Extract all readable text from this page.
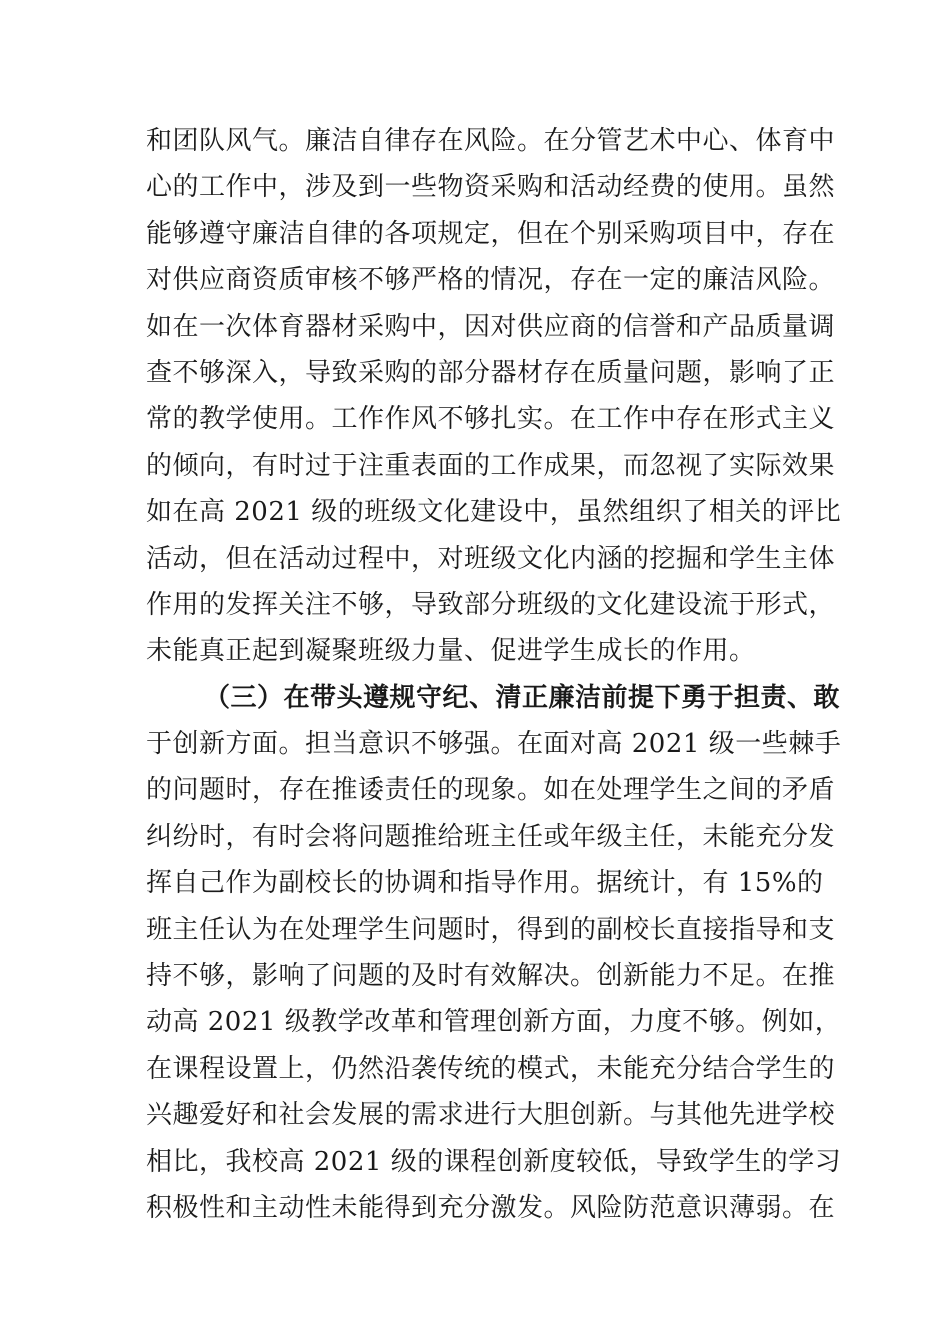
和团队风气。廉洁自律存在风险。在分管艺术中心、体育中
心的工作中，涉及到一些物资采购和活动经费的使用。虽然
能够遵守廉洁自律的各项规定，但在个别采购项目中，存在
对供应商资质审核不够严格的情况，存在一定的廉洁风险。
如在一次体育器材采购中，因对供应商的信誉和产品质量调
查不够深入，导致采购的部分器材存在质量问题，影响了正
常的教学使用。工作作风不够扎实。在工作中存在形式主义
的倾向，有时过于注重表面的工作成果，而忽视了实际效果
如在高 2021 级的班级文化建设中，虽然组织了相关的评比
活动，但在活动过程中，对班级文化内涵的挖掘和学生主体
作用的发挥关注不够，导致部分班级的文化建设流于形式，
未能真正起到凝聚班级力量、促进学生成长的作用。
（三）在带头遵规守纪、清正廉洁前提下勇于担责、敢
于创新方面。担当意识不够强。在面对高 2021 级一些棘手
的问题时，存在推诿责任的现象。如在处理学生之间的矛盾
纠纷时，有时会将问题推给班主任或年级主任，未能充分发
挥自己作为副校长的协调和指导作用。据统计，有 15%的
班主任认为在处理学生问题时，得到的副校长直接指导和支
持不够，影响了问题的及时有效解决。创新能力不足。在推
动高 2021 级教学改革和管理创新方面，力度不够。例如，
在课程设置上，仍然沿袭传统的模式，未能充分结合学生的
兴趣爱好和社会发展的需求进行大胆创新。与其他先进学校
相比，我校高 2021 级的课程创新度较低，导致学生的学习
积极性和主动性未能得到充分激发。风险防范意识薄弱。在
